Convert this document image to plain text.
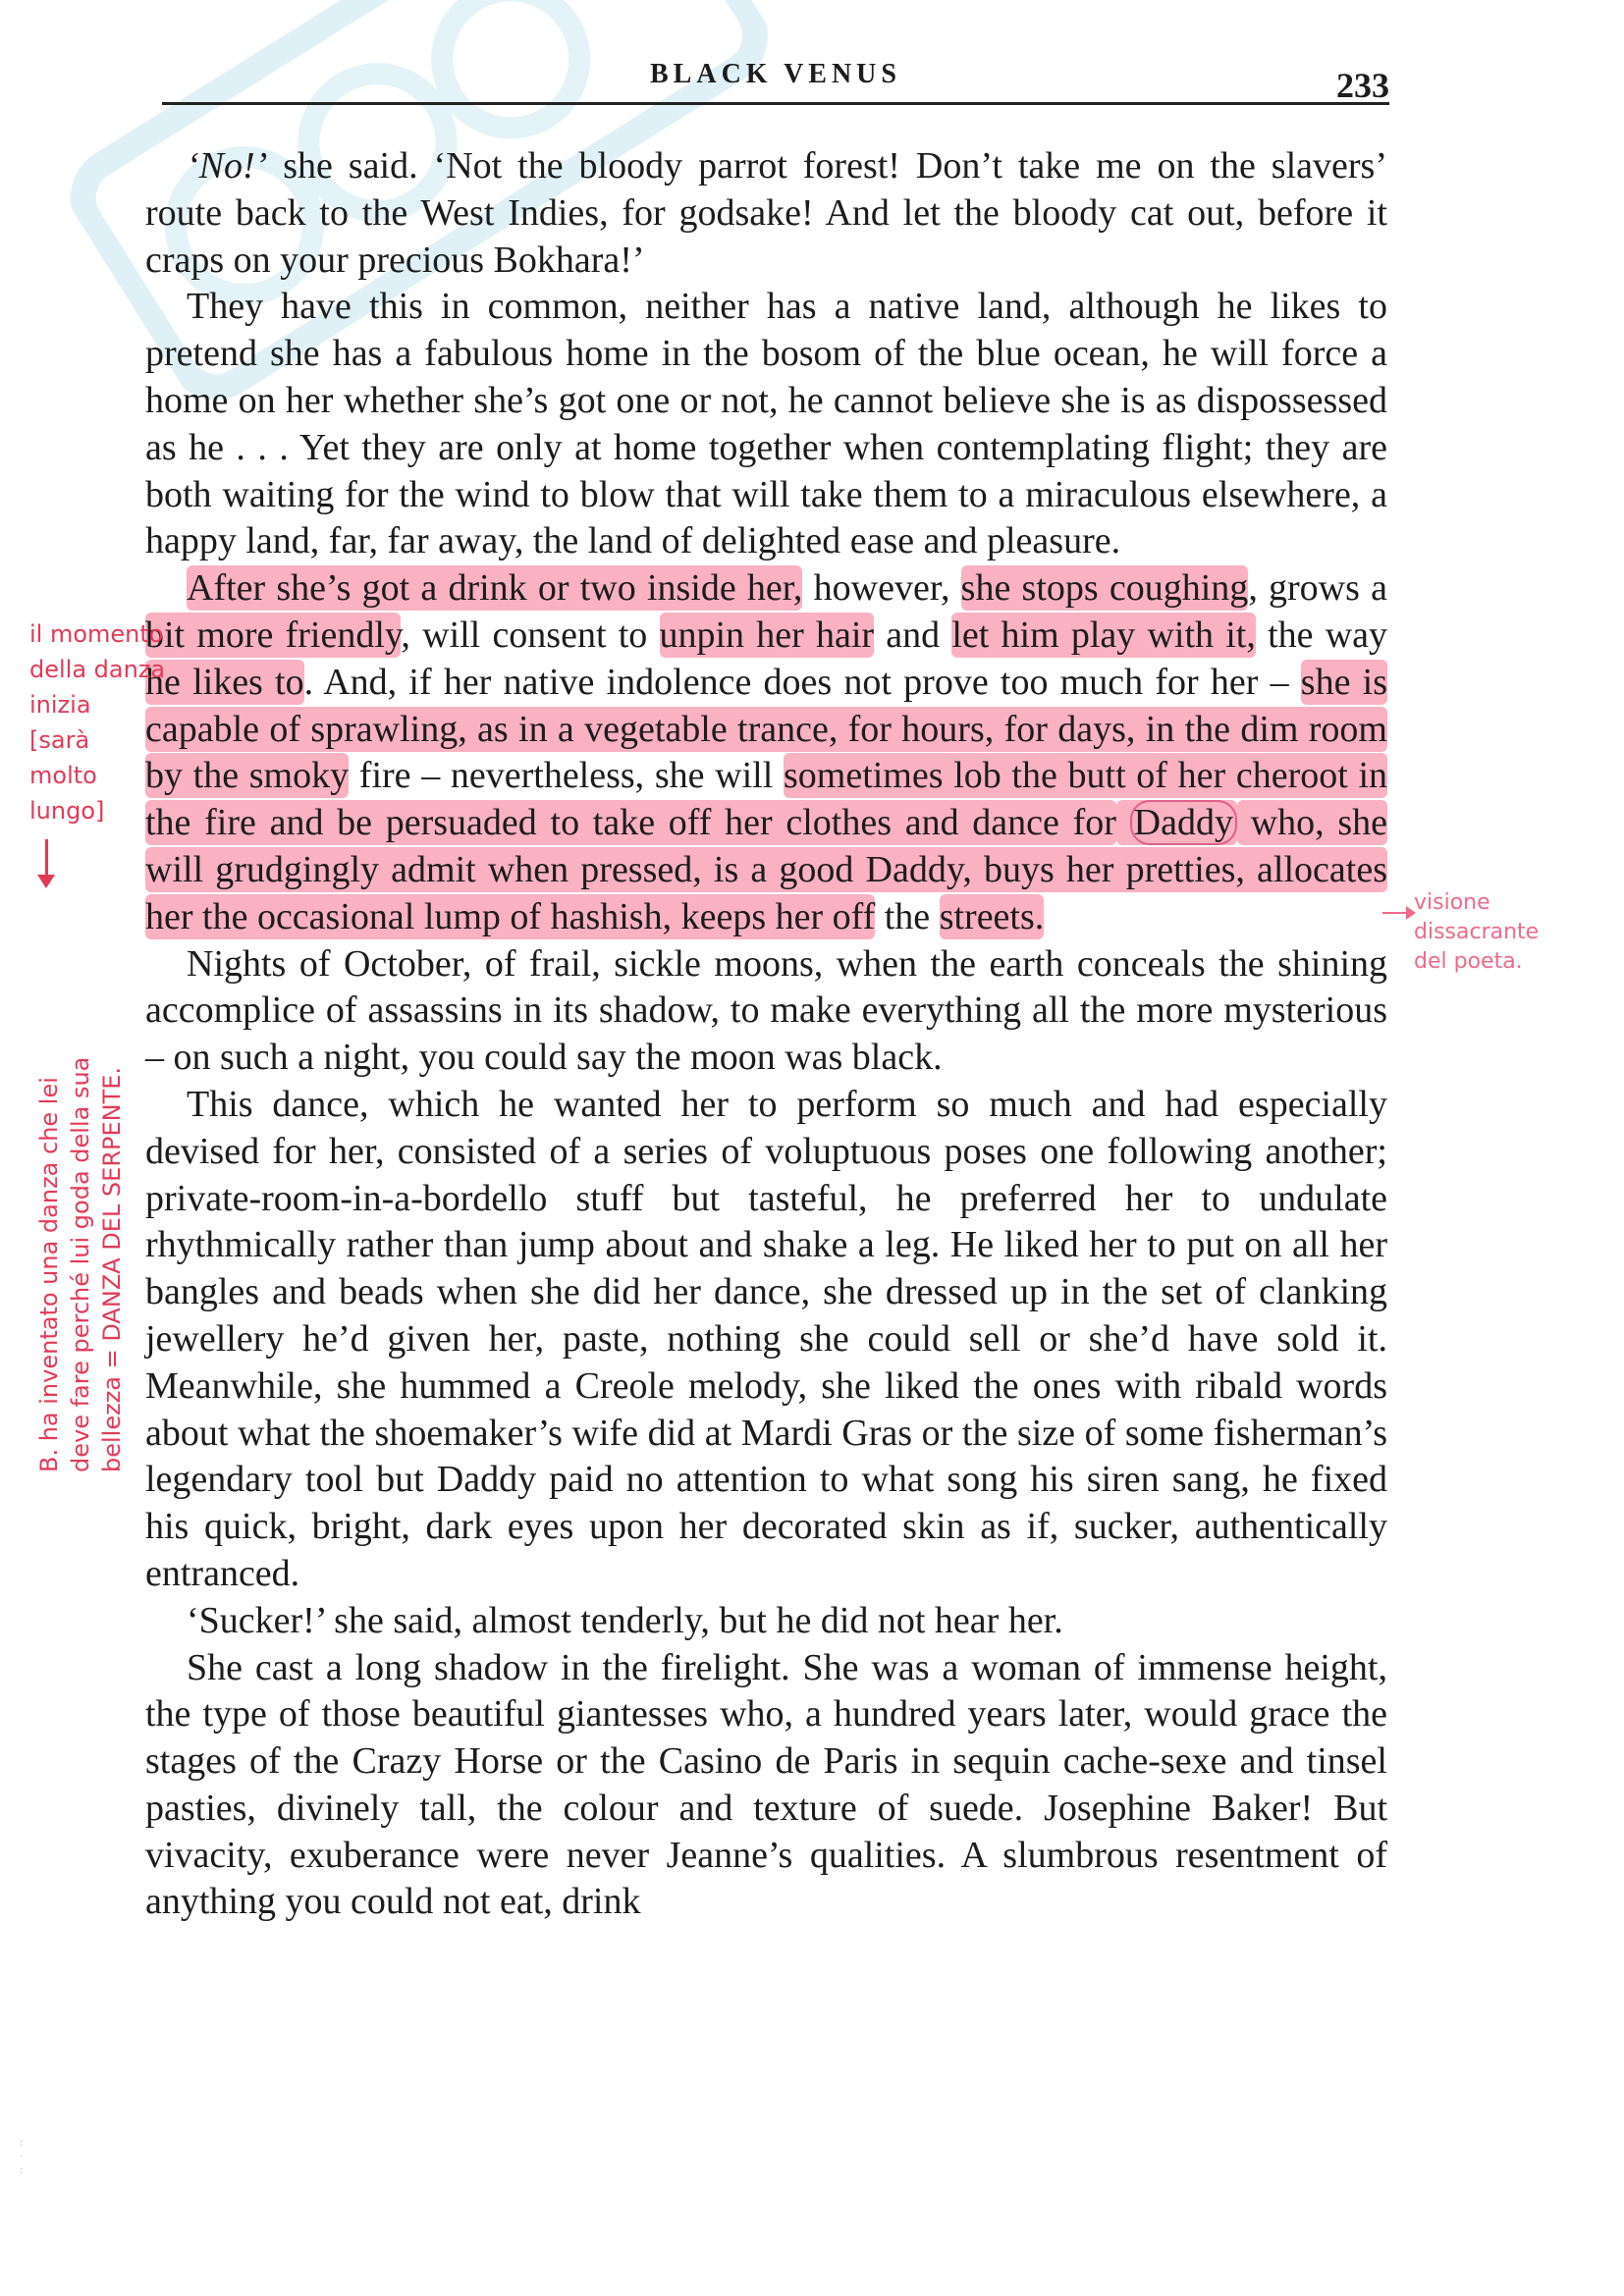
BLACK VENUS	233

‘No!’ she said. ‘Not the bloody parrot forest! Don’t take me on the slavers’ route back to the West Indies, for godsake! And let the bloody cat out, before it craps on your precious Bokhara!’

They have this in common, neither has a native land, although he likes to pretend she has a fabulous home in the bosom of the blue ocean, he will force a home on her whether she’s got one or not, he cannot believe she is as dispossessed as he . . . Yet they are only at home together when contemplating flight; they are both waiting for the wind to blow that will take them to a miraculous elsewhere, a happy land, far, far away, the land of delighted ease and pleasure.

After she’s got a drink or two inside her, however, she stops coughing, grows a bit more friendly, will consent to unpin her hair and let him play with it, the way he likes to. And, if her native indolence does not prove too much for her – she is capable of sprawling, as in a vegetable trance, for hours, for days, in the dim room by the smoky fire – nevertheless, she will sometimes lob the butt of her cheroot in the fire and be persuaded to take off her clothes and dance for Daddy who, she will grudgingly admit when pressed, is a good Daddy, buys her pretties, allocates her the occasional lump of hashish, keeps her off the streets.

Nights of October, of frail, sickle moons, when the earth conceals the shining accomplice of assassins in its shadow, to make everything all the more mysterious – on such a night, you could say the moon was black.

This dance, which he wanted her to perform so much and had especially devised for her, consisted of a series of voluptuous poses one following another; private-room-in-a-bordello stuff but tasteful, he preferred her to undulate rhythmically rather than jump about and shake a leg. He liked her to put on all her bangles and beads when she did her dance, she dressed up in the set of clanking jewellery he’d given her, paste, nothing she could sell or she’d have sold it. Meanwhile, she hummed a Creole melody, she liked the ones with ribald words about what the shoemaker’s wife did at Mardi Gras or the size of some fisherman’s legendary tool but Daddy paid no attention to what song his siren sang, he fixed his quick, bright, dark eyes upon her decorated skin as if, sucker, authentically entranced.

‘Sucker!’ she said, almost tenderly, but he did not hear her.

She cast a long shadow in the firelight. She was a woman of immense height, the type of those beautiful giantesses who, a hundred years later, would grace the stages of the Crazy Horse or the Casino de Paris in sequin cache-sexe and tinsel pasties, divinely tall, the colour and texture of suede. Josephine Baker! But vivacity, exuberance were never Jeanne’s qualities. A slumbrous resentment of anything you could not eat, drink

il momento
della danza
inizia
[sarà
molto
lungo]
visione
dissacrante
del poeta.
B. ha inventato una danza che lei deve fare perché lui goda della sua bellezza = DANZA DEL SERPENTE.
:
·
:
